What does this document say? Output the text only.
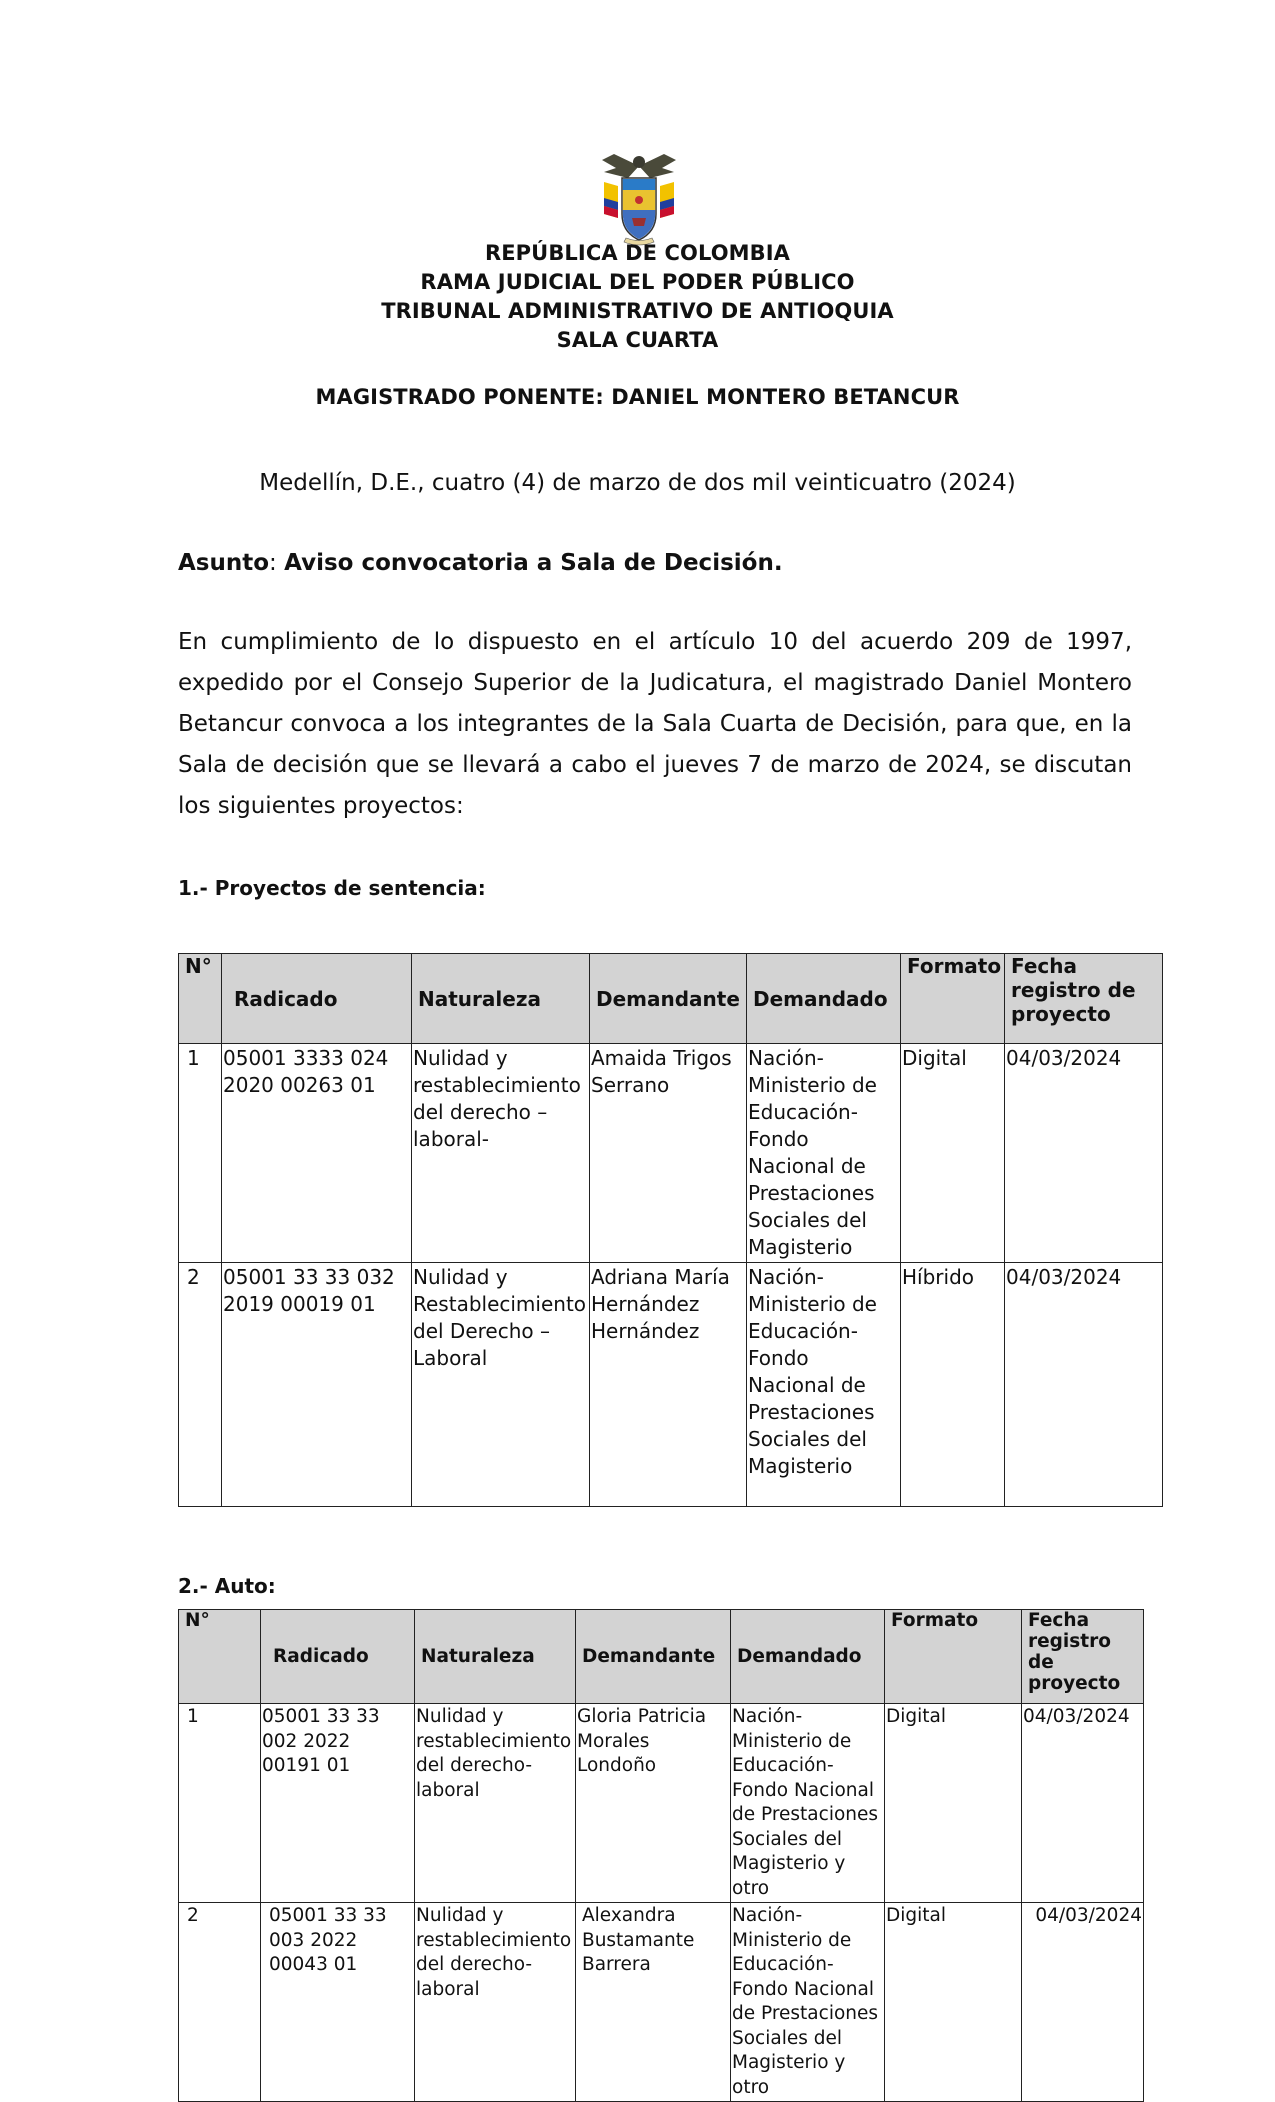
REPÚBLICA DE COLOMBIA
RAMA JUDICIAL DEL PODER PÚBLICO
TRIBUNAL ADMINISTRATIVO DE ANTIOQUIA
SALA CUARTA
MAGISTRADO PONENTE: DANIEL MONTERO BETANCUR
Medellín, D.E., cuatro (4) de marzo de dos mil veinticuatro (2024)
Asunto: Aviso convocatoria a Sala de Decisión.
En cumplimiento de lo dispuesto en el artículo 10 del acuerdo 209 de 1997, expedido por el Consejo Superior de la Judicatura, el magistrado Daniel Montero Betancur convoca a los integrantes de la Sala Cuarta de Decisión, para que, en la Sala de decisión que se llevará a cabo el jueves 7 de marzo de 2024, se discutan los siguientes proyectos:
1.- Proyectos de sentencia:
N°	Radicado	Naturaleza	Demandante	Demandado	Formato	Fecha registro de proyecto
1	05001 3333 024 2020 00263 01	Nulidad y restablecimiento del derecho – laboral-	Amaida Trigos Serrano	Nación-Ministerio de Educación-Fondo Nacional de Prestaciones Sociales del Magisterio	Digital	04/03/2024
2	05001 33 33 032 2019 00019 01	Nulidad y Restablecimiento del Derecho – Laboral	Adriana María Hernández Hernández	Nación-Ministerio de Educación-Fondo Nacional de Prestaciones Sociales del Magisterio	Híbrido	04/03/2024
2.- Auto:
N°	Radicado	Naturaleza	Demandante	Demandado	Formato	Fecha registro de proyecto
1	05001 33 33 002 2022 00191 01	Nulidad y restablecimiento del derecho-laboral	Gloria Patricia Morales Londoño	Nación-Ministerio de Educación-Fondo Nacional de Prestaciones Sociales del Magisterio y otro	Digital	04/03/2024
2	05001 33 33 003 2022 00043 01	Nulidad y restablecimiento del derecho-laboral	Alexandra Bustamante Barrera	Nación-Ministerio de Educación-Fondo Nacional de Prestaciones Sociales del Magisterio y otro	Digital	04/03/2024
